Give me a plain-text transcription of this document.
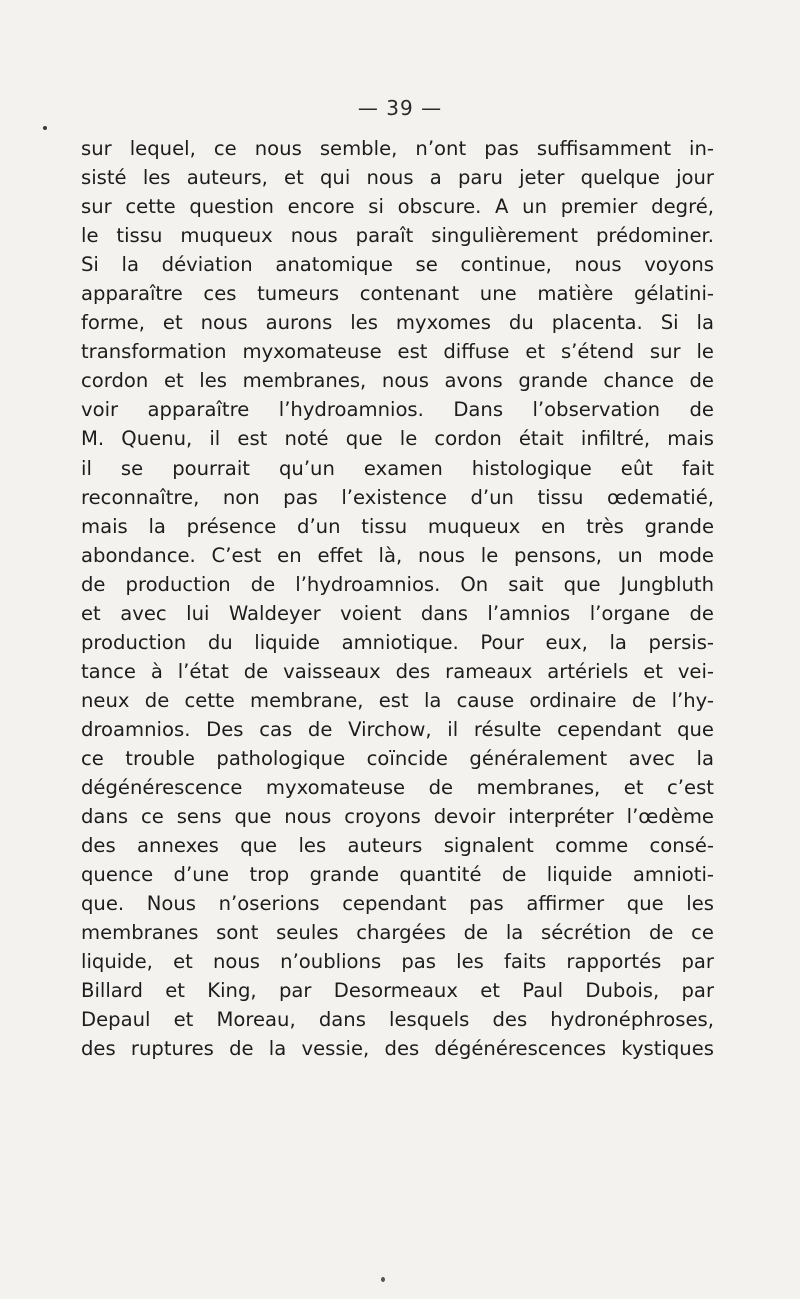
— 39 —
sur lequel, ce nous semble, n’ont pas suffisamment in-
sisté les auteurs, et qui nous a paru jeter quelque jour
sur cette question encore si obscure. A un premier degré,
le tissu muqueux nous paraît singulièrement prédominer.
Si la déviation anatomique se continue, nous voyons
apparaître ces tumeurs contenant une matière gélatini-
forme, et nous aurons les myxomes du placenta. Si la
transformation myxomateuse est diffuse et s’étend sur le
cordon et les membranes, nous avons grande chance de
voir apparaître l’hydroamnios. Dans l’observation de
M. Quenu, il est noté que le cordon était infiltré, mais
il se pourrait qu’un examen histologique eût fait
reconnaître, non pas l’existence d’un tissu œdematié,
mais la présence d’un tissu muqueux en très grande
abondance. C’est en effet là, nous le pensons, un mode
de production de l’hydroamnios. On sait que Jungbluth
et avec lui Waldeyer voient dans l’amnios l’organe de
production du liquide amniotique. Pour eux, la persis-
tance à l’état de vaisseaux des rameaux artériels et vei-
neux de cette membrane, est la cause ordinaire de l’hy-
droamnios. Des cas de Virchow, il résulte cependant que
ce trouble pathologique coïncide généralement avec la
dégénérescence myxomateuse de membranes, et c’est
dans ce sens que nous croyons devoir interpréter l’œdème
des annexes que les auteurs signalent comme consé-
quence d’une trop grande quantité de liquide amnioti-
que. Nous n’oserions cependant pas affirmer que les
membranes sont seules chargées de la sécrétion de ce
liquide, et nous n’oublions pas les faits rapportés par
Billard et King, par Desormeaux et Paul Dubois, par
Depaul et Moreau, dans lesquels des hydronéphroses,
des ruptures de la vessie, des dégénérescences kystiques
